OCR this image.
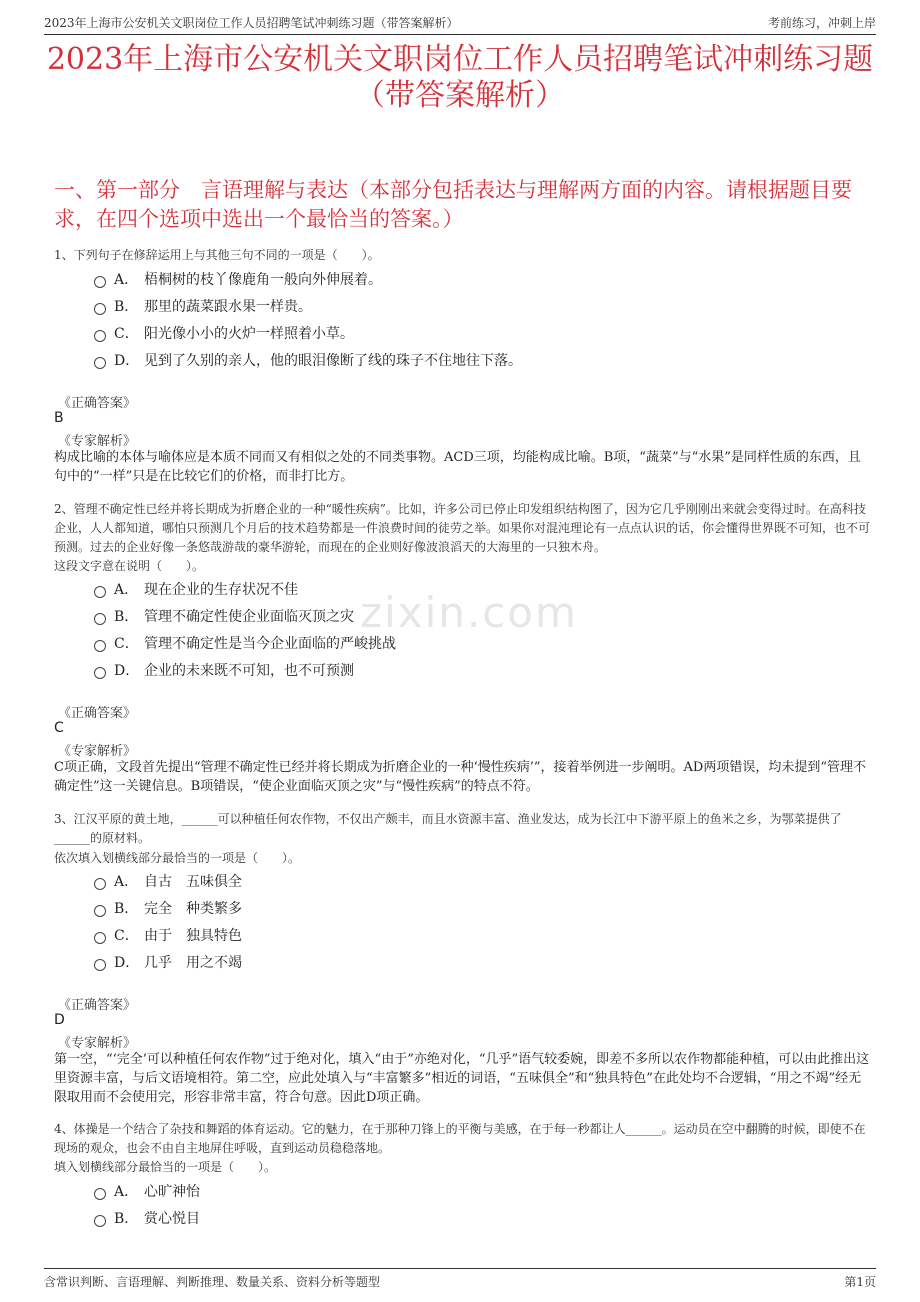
2023年上海市公安机关文职岗位工作人员招聘笔试冲刺练习题（带答案解析）	考前练习，冲刺上岸
2023年上海市公安机关文职岗位工作人员招聘笔试冲刺练习题
（带答案解析）
一、第一部分　言语理解与表达（本部分包括表达与理解两方面的内容。请根据题目要求，在四个选项中选出一个最恰当的答案。）
zixin.com
1、下列句子在修辞运用上与其他三句不同的一项是（　　）。
A． 梧桐树的枝丫像鹿角一般向外伸展着。
B． 那里的蔬菜跟水果一样贵。
C． 阳光像小小的火炉一样照着小草。
D． 见到了久别的亲人，他的眼泪像断了线的珠子不住地往下落。
《正确答案》
B
《专家解析》
构成比喻的本体与喻体应是本质不同而又有相似之处的不同类事物。ACD三项，均能构成比喻。B项，“蔬菜”与“水果”是同样性质的东西，且句中的“一样”只是在比较它们的价格，而非打比方。
2、管理不确定性已经并将长期成为折磨企业的一种“暖性疾病”。比如，许多公司已停止印发组织结构图了，因为它几乎刚刚出来就会变得过时。在高科技企业，人人都知道，哪怕只预测几个月后的技术趋势都是一件浪费时间的徒劳之举。如果你对混沌理论有一点点认识的话，你会懂得世界既不可知，也不可预测。过去的企业好像一条悠哉游哉的豪华游轮，而现在的企业则好像波浪滔天的大海里的一只独木舟。
这段文字意在说明（　　）。
A． 现在企业的生存状况不佳
B． 管理不确定性使企业面临灭顶之灾
C． 管理不确定性是当今企业面临的严峻挑战
D． 企业的未来既不可知，也不可预测
《正确答案》
C
《专家解析》
C项正确，文段首先提出“管理不确定性已经并将长期成为折磨企业的一种‘慢性疾病’”，接着举例进一步阐明。AD两项错误，均未提到“管理不确定性”这一关键信息。B项错误，“使企业面临灭顶之灾”与“慢性疾病”的特点不符。
3、江汉平原的黄土地，______可以种植任何农作物，不仅出产颇丰，而且水资源丰富、渔业发达，成为长江中下游平原上的鱼米之乡，为鄂菜提供了______的原材料。
依次填入划横线部分最恰当的一项是（　　）。
A． 自古　五味俱全
B． 完全　种类繁多
C． 由于　独具特色
D． 几乎　用之不竭
《正确答案》
D
《专家解析》
第一空，“‘完全’可以种植任何农作物”过于绝对化，填入“由于”亦绝对化，“几乎”语气较委婉，即差不多所以农作物都能种植，可以由此推出这里资源丰富，与后文语境相符。第二空，应此处填入与“丰富繁多”相近的词语，“五味俱全”和“独具特色”在此处均不合逻辑，“用之不竭”经无限取用而不会使用完，形容非常丰富，符合句意。因此D项正确。
4、体操是一个结合了杂技和舞蹈的体育运动。它的魅力，在于那种刀锋上的平衡与美感，在于每一秒都让人______。运动员在空中翻腾的时候，即使不在现场的观众，也会不由自主地屏住呼吸，直到运动员稳稳落地。
填入划横线部分最恰当的一项是（　　）。
A． 心旷神怡
B． 赏心悦目
含常识判断、言语理解、判断推理、数量关系、资料分析等题型	第1页
